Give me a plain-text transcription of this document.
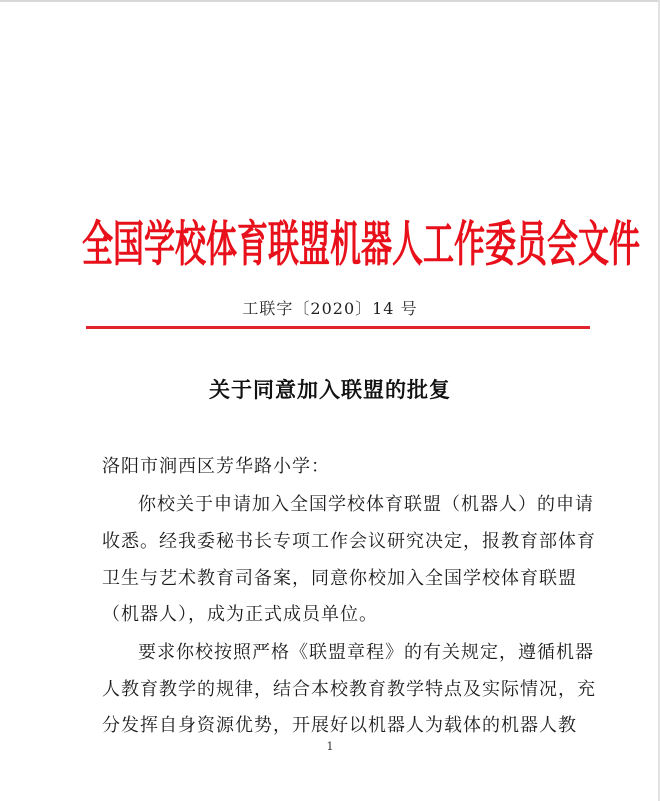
全国学校体育联盟机器人工作委员会文件
工联字〔2020〕14 号
关于同意加入联盟的批复
洛阳市涧西区芳华路小学：
你校关于申请加入全国学校体育联盟（机器人）的申请
收悉。经我委秘书长专项工作会议研究决定，报教育部体育
卫生与艺术教育司备案，同意你校加入全国学校体育联盟
（机器人），成为正式成员单位。
要求你校按照严格《联盟章程》的有关规定，遵循机器
人教育教学的规律，结合本校教育教学特点及实际情况，充
分发挥自身资源优势，开展好以机器人为载体的机器人教
1
